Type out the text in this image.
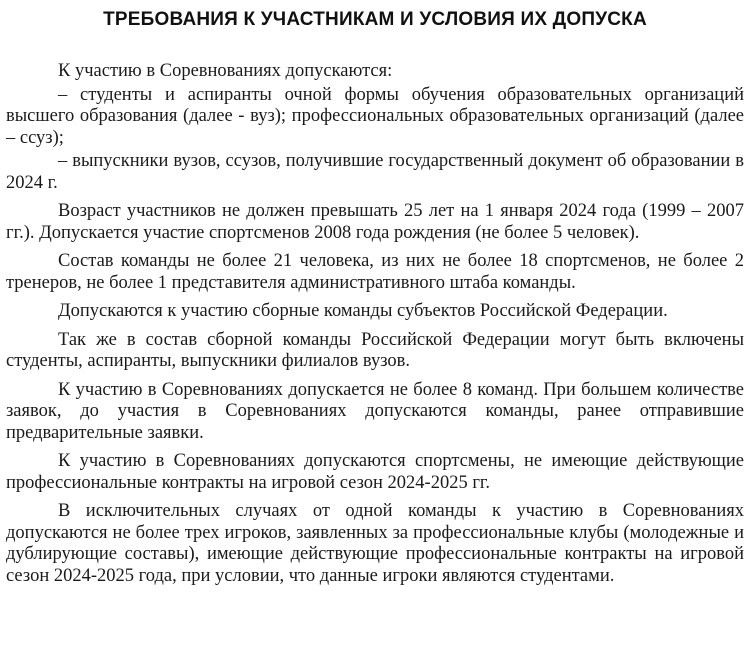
ТРЕБОВАНИЯ К УЧАСТНИКАМ И УСЛОВИЯ ИХ ДОПУСКА

К участию в Соревнованиях допускаются:

– студенты и аспиранты очной формы обучения образовательных организаций высшего образования (далее - вуз); профессиональных образовательных организаций (далее – ссуз);

– выпускники вузов, ссузов, получившие государственный документ об образовании в 2024 г.

Возраст участников не должен превышать 25 лет на 1 января 2024 года (1999 – 2007 гг.). Допускается участие спортсменов 2008 года рождения (не более 5 человек).

Состав команды не более 21 человека, из них не более 18 спортсменов, не более 2 тренеров, не более 1 представителя административного штаба команды.

Допускаются к участию сборные команды субъектов Российской Федерации.

Так же в состав сборной команды Российской Федерации могут быть включены студенты, аспиранты, выпускники филиалов вузов.

К участию в Соревнованиях допускается не более 8 команд. При большем количестве заявок, до участия в Соревнованиях допускаются команды, ранее отправившие предварительные заявки.

К участию в Соревнованиях допускаются спортсмены, не имеющие действующие профессиональные контракты на игровой сезон 2024-2025 гг.

В исключительных случаях от одной команды к участию в Соревнованиях допускаются не более трех игроков, заявленных за профессиональные клубы (молодежные и дублирующие составы), имеющие действующие профессиональные контракты на игровой сезон 2024-2025 года, при условии, что данные игроки являются студентами.
